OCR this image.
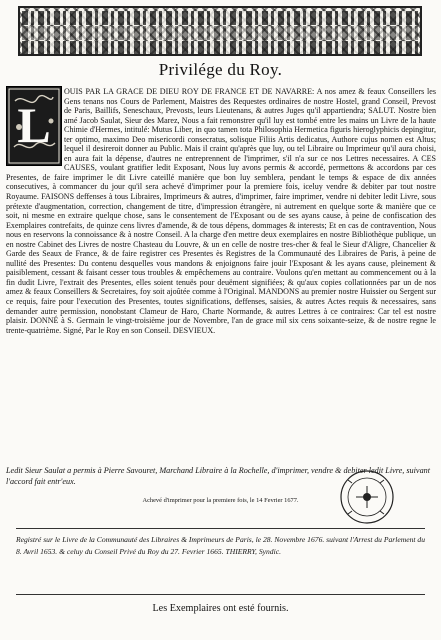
Privilége du Roy.
L

OUIS PAR LA GRACE DE DIEU ROY DE FRANCE ET DE NAVARRE: A nos amez & feaux Conseillers les Gens tenans nos Cours de Parlement, Maistres des Requestes ordinaires de nostre Hostel, grand Conseil, Prevost de Paris, Baillifs, Seneschaux, Prevosts, leurs Lieutenans, & autres Juges qu'il appartiendra; SALUT. Nostre bien amé Jacob Saulat, Sieur des Marez, Nous a fait remonstrer qu'il luy est tombé entre les mains un Livre de la haute Chimie d'Hermes, intitulé: Mutus Liber, in quo tamen tota Philosophia Hermetica figuris hieroglyphicis depingitur, ter optimo, maximo Deo misericordi consecratus, solisque Filiis Artis dedicatus, Authore cujus nomen est Altus; lequel il desireroit donner au Public. Mais il craint qu'après que luy, ou tel Libraire ou Imprimeur qu'il aura choisi, en aura fait la dépense, d'autres ne entreprennent de l'imprimer, s'il n'a sur ce nos Lettres necessaires. A CES CAUSES, voulant gratifier ledit Exposant, Nous luy avons permis & accordé, permettons & accordons par ces Presentes, de faire imprimer le dit Livre cateillé manière que bon luy semblera, pendant le temps & espace de dix années consecutives, à commancer du jour qu'il sera achevé d'imprimer pour la premiere fois, iceluy vendre & debiter par tout nostre Royaume. FAISONS deffenses à tous Libraires, Imprimeurs & autres, d'imprimer, faire imprimer, vendre ni debiter ledit Livre, sous prétexte d'augmentation, correction, changement de titre, d'impression étrangère, ni autrement en quelque sorte & manière que ce soit, ni mesme en extraire quelque chose, sans le consentement de l'Exposant ou de ses ayans cause, à peine de confiscation des Exemplaires contrefaits, de quinze cens livres d'amende, & de tous dépens, dommages & interests; Et en cas de contravention, Nous nous en reservons la connoissance & à nostre Conseil. A la charge d'en mettre deux exemplaires en nostre Bibliothèque publique, un en nostre Cabinet des Livres de nostre Chasteau du Louvre, & un en celle de nostre tres-cher & feal le Sieur d'Aligre, Chancelier & Garde des Seaux de France, & de faire registrer ces Presentes ès Registres de la Communauté des Libraires de Paris, à peine de nullité des Presentes: Du contenu desquelles vous mandons & enjoignons faire jouir l'Exposant & les ayans cause, pleinement & paisiblement, cessant & faisant cesser tous troubles & empêchemens au contraire. Voulons qu'en mettant au commencement ou à la fin dudit Livre, l'extrait des Presentes, elles soient tenuës pour deuëment signifiées; & qu'aux copies collationnées par un de nos amez & feaux Conseillers & Secretaires, foy soit ajoûtée comme à l'Original. MANDONS au premier nostre Huissier ou Sergent sur ce requis, faire pour l'execution des Presentes, toutes significations, deffenses, saisies, & autres Actes requis & necessaires, sans demander autre permission, nonobstant Clameur de Haro, Charte Normande, & autres Lettres à ce contraires: Car tel est nostre plaisir. DONNÉ à S. Germain le vingt-troisième jour de Novembre, l'an de grace mil six cens soixante-seize, & de nostre regne le trente-quatrième. Signé, Par le Roy en son Conseil. DESVIEUX.

Ledit Sieur Saulat a permis à Pierre Savouret, Marchand Libraire à la Rochelle, d'imprimer, vendre & debiter ledit Livre, suivant l'accord fait entr'eux.
Achevé d'imprimer pour la premiere fois, le 14 Fevrier 1677.
Registré sur le Livre de la Communauté des Libraires & Imprimeurs de Paris, le 28. Novembre 1676. suivant l'Arrest du Parlement du 8. Avril 1653. & celuy du Conseil Privé du Roy du 27. Fevrier 1665. THIERRY, Syndic.
Les Exemplaires ont esté fournis.
